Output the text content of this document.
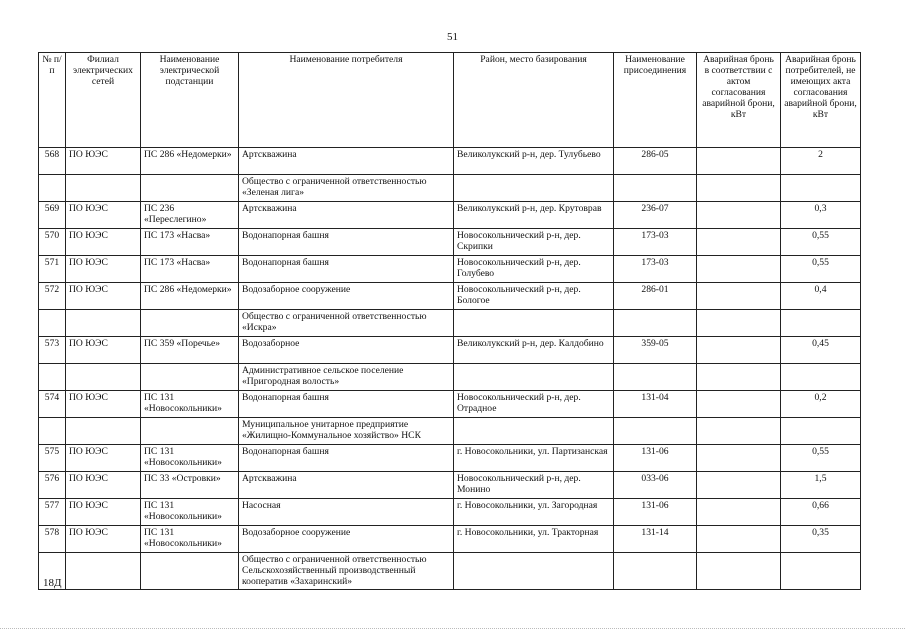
51
№ п/п	Филиал электрических сетей	Наименование электрической подстанции	Наименование потребителя	Район, место базирования	Наименование присоединения	Аварийная бронь в соответствии с актом согласования аварийной брони, кВт	Аварийная бронь потребителей, не имеющих акта согласования аварийной брони, кВт
568	ПО ЮЭС	ПС 286 «Недомерки»	Артскважина	Великолукский р-н, дер. Тулубьево	286-05		2
			Общество с ограниченной ответственностью «Зеленая лига»				
569	ПО ЮЭС	ПС 236 «Переслегино»	Артскважина	Великолукский р-н, дер. Крутоврав	236-07		0,3
570	ПО ЮЭС	ПС 173 «Насва»	Водонапорная башня	Новосокольнический р-н, дер. Скрипки	173-03		0,55
571	ПО ЮЭС	ПС 173 «Насва»	Водонапорная башня	Новосокольнический р-н, дер. Голубево	173-03		0,55
572	ПО ЮЭС	ПС 286 «Недомерки»	Водозаборное сооружение	Новосокольнический р-н, дер. Бологое	286-01		0,4
			Общество с ограниченной ответственностью «Искра»				
573	ПО ЮЭС	ПС 359 «Поречье»	Водозаборное	Великолукский р-н, дер. Калдобино	359-05		0,45
			Административное сельское поселение «Пригородная волость»				
574	ПО ЮЭС	ПС 131 «Новосокольники»	Водонапорная башня	Новосокольнический р-н, дер. Отрадное	131-04		0,2
			Муниципальное унитарное предприятие «Жилищно-Коммунальное хозяйство» НСК				
575	ПО ЮЭС	ПС 131 «Новосокольники»	Водонапорная башня	г. Новосокольники, ул. Партизанская	131-06		0,55
576	ПО ЮЭС	ПС 33 «Островки»	Артскважина	Новосокольнический р-н, дер. Монино	033-06		1,5
577	ПО ЮЭС	ПС 131 «Новосокольники»	Насосная	г. Новосокольники, ул. Загородная	131-06		0,66
578	ПО ЮЭС	ПС 131 «Новосокольники»	Водозаборное сооружение	г. Новосокольники, ул. Тракторная	131-14		0,35
			Общество с ограниченной ответственностью Сельскохозяйственный производственный кооператив «Захаринский»				
18Д
